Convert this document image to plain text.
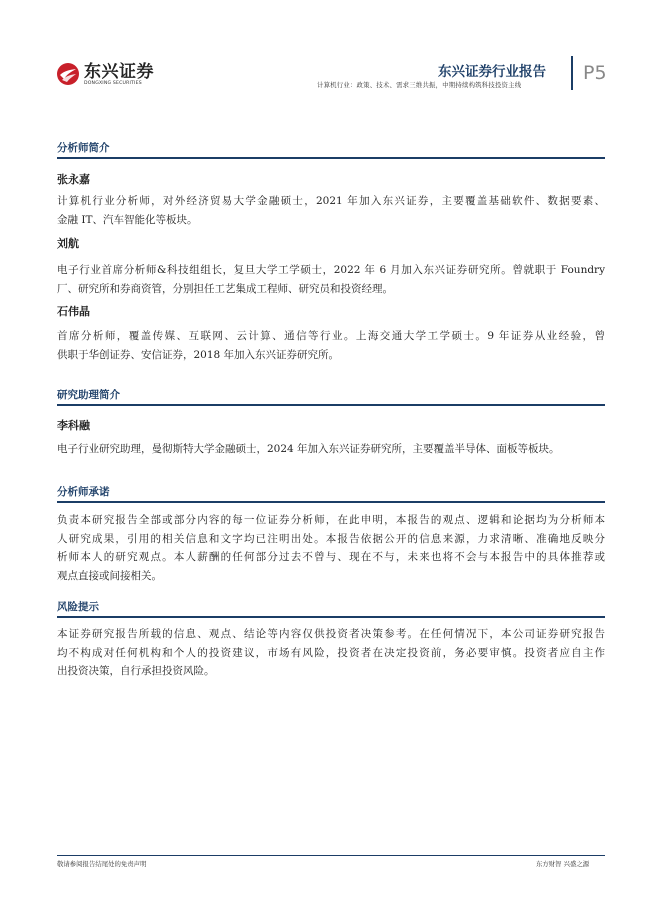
东兴证券
DONGXING SECURITIES
东兴证券行业报告
计算机行业：政策、技术、需求三维共振，中期持续构筑科技投资主线
P5
分析师简介
张永嘉
计算机行业分析师，对外经济贸易大学金融硕士，2021 年加入东兴证券，主要覆盖基础软件、数据要素、
金融 IT、汽车智能化等板块。
刘航
电子行业首席分析师&科技组组长，复旦大学工学硕士，2022 年 6 月加入东兴证券研究所。曾就职于 Foundry
厂、研究所和券商资管，分别担任工艺集成工程师、研究员和投资经理。
石伟晶
首席分析师，覆盖传媒、互联网、云计算、通信等行业。上海交通大学工学硕士。9 年证券从业经验，曾
供职于华创证券、安信证券，2018 年加入东兴证券研究所。
研究助理简介
李科融
电子行业研究助理，曼彻斯特大学金融硕士，2024 年加入东兴证券研究所，主要覆盖半导体、面板等板块。
分析师承诺
负责本研究报告全部或部分内容的每一位证券分析师，在此申明，本报告的观点、逻辑和论据均为分析师本
人研究成果，引用的相关信息和文字均已注明出处。本报告依据公开的信息来源，力求清晰、准确地反映分
析师本人的研究观点。本人薪酬的任何部分过去不曾与、现在不与，未来也将不会与本报告中的具体推荐或
观点直接或间接相关。
风险提示
本证券研究报告所载的信息、观点、结论等内容仅供投资者决策参考。在任何情况下，本公司证券研究报告
均不构成对任何机构和个人的投资建议，市场有风险，投资者在决定投资前，务必要审慎。投资者应自主作
出投资决策，自行承担投资风险。
敬请参阅报告结尾处的免责声明	东方财智 兴盛之源
